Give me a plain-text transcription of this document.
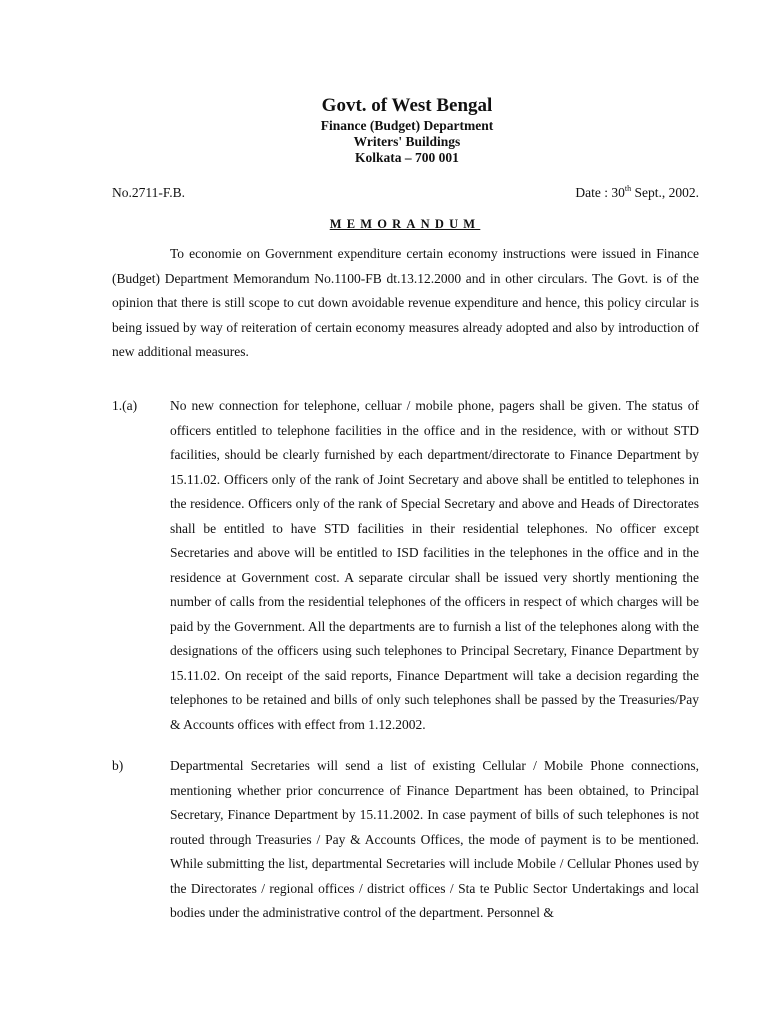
Govt. of West Bengal
Finance (Budget) Department
Writers' Buildings
Kolkata – 700 001
No.2711-F.B.	Date : 30th Sept., 2002.
MEMORANDUM
To economie on Government expenditure certain economy instructions were issued in Finance (Budget) Department Memorandum No.1100-FB dt.13.12.2000 and in other circulars. The Govt. is of the opinion that there is still scope to cut down avoidable revenue expenditure and hence, this policy circular is being issued by way of reiteration of certain economy measures already adopted and also by introduction of new additional measures.
1.(a) No new connection for telephone, celluar / mobile phone, pagers shall be given. The status of officers entitled to telephone facilities in the office and in the residence, with or without STD facilities, should be clearly furnished by each department/directorate to Finance Department by 15.11.02. Officers only of the rank of Joint Secretary and above shall be entitled to telephones in the residence. Officers only of the rank of Special Secretary and above and Heads of Directorates shall be entitled to have STD facilities in their residential telephones. No officer except Secretaries and above will be entitled to ISD facilities in the telephones in the office and in the residence at Government cost. A separate circular shall be issued very shortly mentioning the number of calls from the residential telephones of the officers in respect of which charges will be paid by the Government. All the departments are to furnish a list of the telephones along with the designations of the officers using such telephones to Principal Secretary, Finance Department by 15.11.02. On receipt of the said reports, Finance Department will take a decision regarding the telephones to be retained and bills of only such telephones shall be passed by the Treasuries/Pay & Accounts offices with effect from 1.12.2002.
b)	Departmental Secretaries will send a list of existing Cellular / Mobile Phone connections, mentioning whether prior concurrence of Finance Department has been obtained, to Principal Secretary, Finance Department by 15.11.2002. In case payment of bills of such telephones is not routed through Treasuries / Pay & Accounts Offices, the mode of payment is to be mentioned. While submitting the list, departmental Secretaries will include Mobile / Cellular Phones used by the Directorates / regional offices / district offices / Sta te Public Sector Undertakings and local bodies under the administrative control of the department. Personnel &
